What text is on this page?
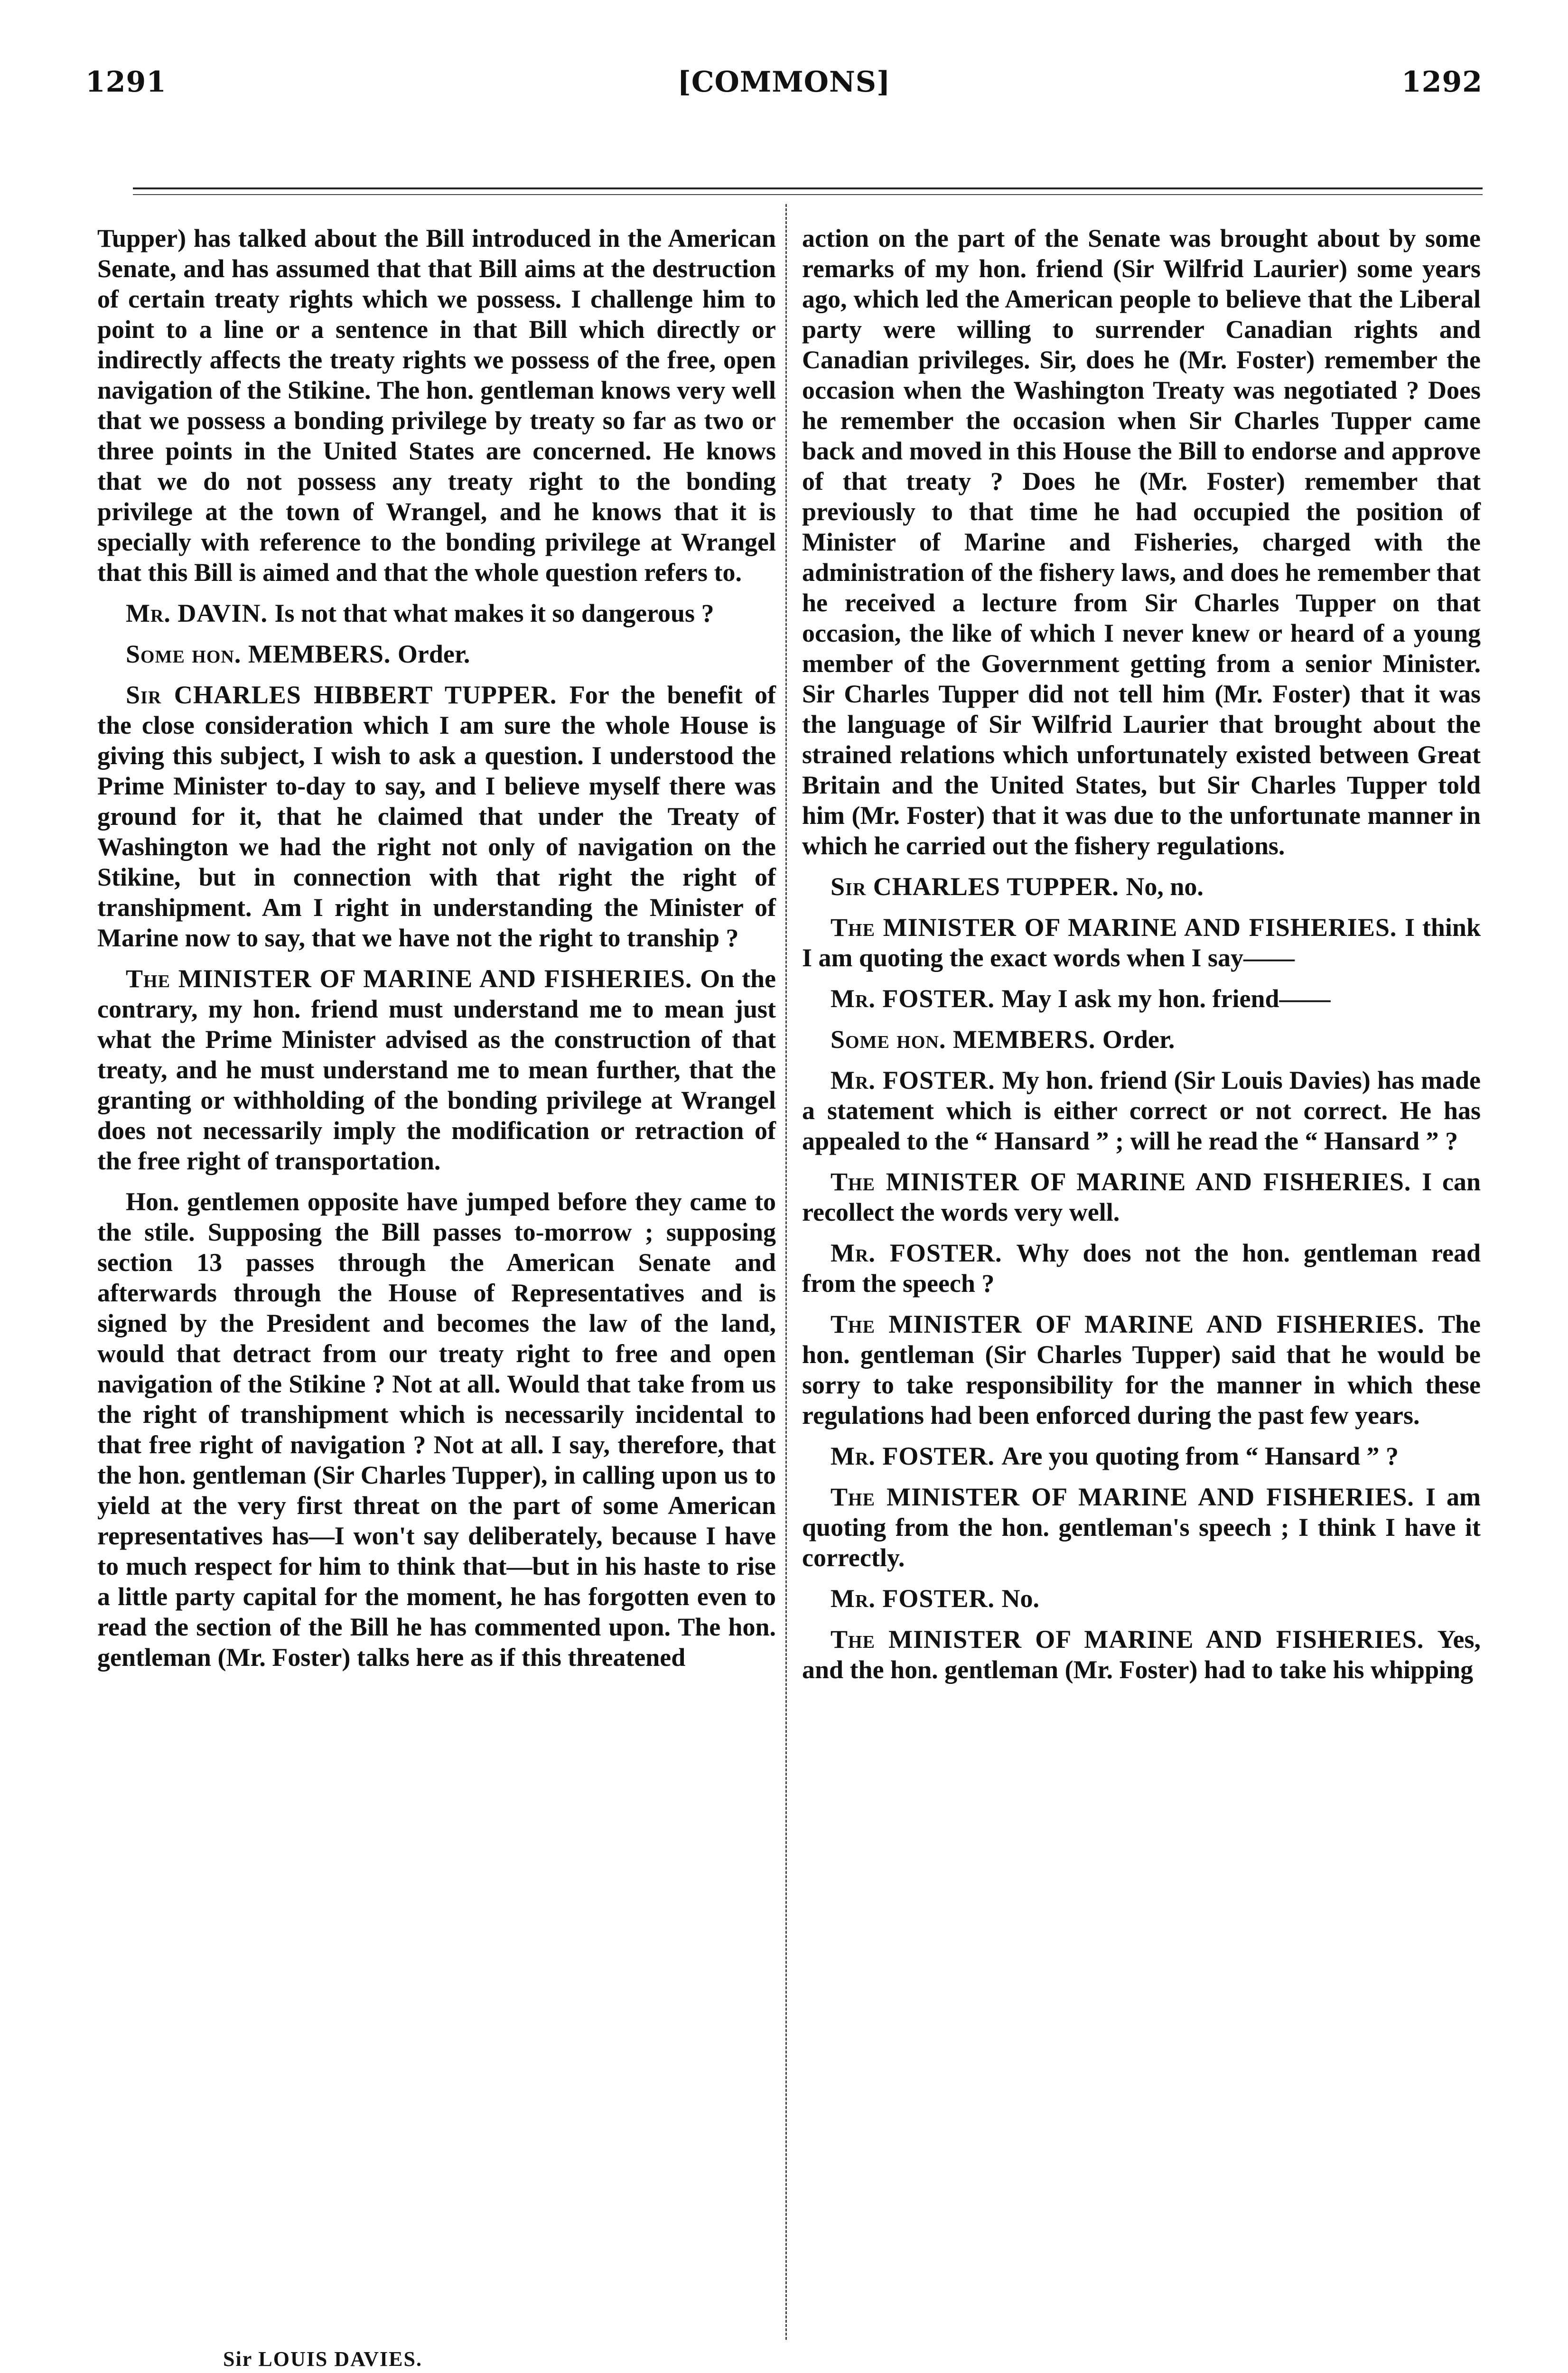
1291	[COMMONS]	1292

Tupper) has talked about the Bill introduced in the American Senate, and has assumed that that Bill aims at the destruction of certain treaty rights which we possess. I challenge him to point to a line or a sentence in that Bill which directly or indirectly affects the treaty rights we possess of the free, open navigation of the Stikine. The hon. gentleman knows very well that we possess a bonding privilege by treaty so far as two or three points in the United States are concerned. He knows that we do not possess any treaty right to the bonding privilege at the town of Wrangel, and he knows that it is specially with reference to the bonding privilege at Wrangel that this Bill is aimed and that the whole question refers to.

Mr. DAVIN. Is not that what makes it so dangerous ?

Some hon. MEMBERS. Order.

Sir CHARLES HIBBERT TUPPER. For the benefit of the close consideration which I am sure the whole House is giving this subject, I wish to ask a question. I understood the Prime Minister to-day to say, and I believe myself there was ground for it, that he claimed that under the Treaty of Washington we had the right not only of navigation on the Stikine, but in connection with that right the right of transhipment. Am I right in understanding the Minister of Marine now to say, that we have not the right to tranship ?

The MINISTER OF MARINE AND FISHERIES. On the contrary, my hon. friend must understand me to mean just what the Prime Minister advised as the construction of that treaty, and he must understand me to mean further, that the granting or withholding of the bonding privilege at Wrangel does not necessarily imply the modification or retraction of the free right of transportation.

Hon. gentlemen opposite have jumped before they came to the stile. Supposing the Bill passes to-morrow ; supposing section 13 passes through the American Senate and afterwards through the House of Representatives and is signed by the President and becomes the law of the land, would that detract from our treaty right to free and open navigation of the Stikine ? Not at all. Would that take from us the right of transhipment which is necessarily incidental to that free right of navigation ? Not at all. I say, therefore, that the hon. gentleman (Sir Charles Tupper), in calling upon us to yield at the very first threat on the part of some American representatives has—I won't say deliberately, because I have to much respect for him to think that—but in his haste to rise a little party capital for the moment, he has forgotten even to read the section of the Bill he has commented upon. The hon. gentleman (Mr. Foster) talks here as if this threatened

Sir LOUIS DAVIES.

action on the part of the Senate was brought about by some remarks of my hon. friend (Sir Wilfrid Laurier) some years ago, which led the American people to believe that the Liberal party were willing to surrender Canadian rights and Canadian privileges. Sir, does he (Mr. Foster) remember the occasion when the Washington Treaty was negotiated ? Does he remember the occasion when Sir Charles Tupper came back and moved in this House the Bill to endorse and approve of that treaty ? Does he (Mr. Foster) remember that previously to that time he had occupied the position of Minister of Marine and Fisheries, charged with the administration of the fishery laws, and does he remember that he received a lecture from Sir Charles Tupper on that occasion, the like of which I never knew or heard of a young member of the Government getting from a senior Minister. Sir Charles Tupper did not tell him (Mr. Foster) that it was the language of Sir Wilfrid Laurier that brought about the strained relations which unfortunately existed between Great Britain and the United States, but Sir Charles Tupper told him (Mr. Foster) that it was due to the unfortunate manner in which he carried out the fishery regulations.

Sir CHARLES TUPPER. No, no.

The MINISTER OF MARINE AND FISHERIES. I think I am quoting the exact words when I say——

Mr. FOSTER. May I ask my hon. friend——

Some hon. MEMBERS. Order.

Mr. FOSTER. My hon. friend (Sir Louis Davies) has made a statement which is either correct or not correct. He has appealed to the “ Hansard ” ; will he read the “ Hansard ” ?

The MINISTER OF MARINE AND FISHERIES. I can recollect the words very well.

Mr. FOSTER. Why does not the hon. gentleman read from the speech ?

The MINISTER OF MARINE AND FISHERIES. The hon. gentleman (Sir Charles Tupper) said that he would be sorry to take responsibility for the manner in which these regulations had been enforced during the past few years.

Mr. FOSTER. Are you quoting from “ Hansard ” ?

The MINISTER OF MARINE AND FISHERIES. I am quoting from the hon. gentleman's speech ; I think I have it correctly.

Mr. FOSTER. No.

The MINISTER OF MARINE AND FISHERIES. Yes, and the hon. gentleman (Mr. Foster) had to take his whipping
